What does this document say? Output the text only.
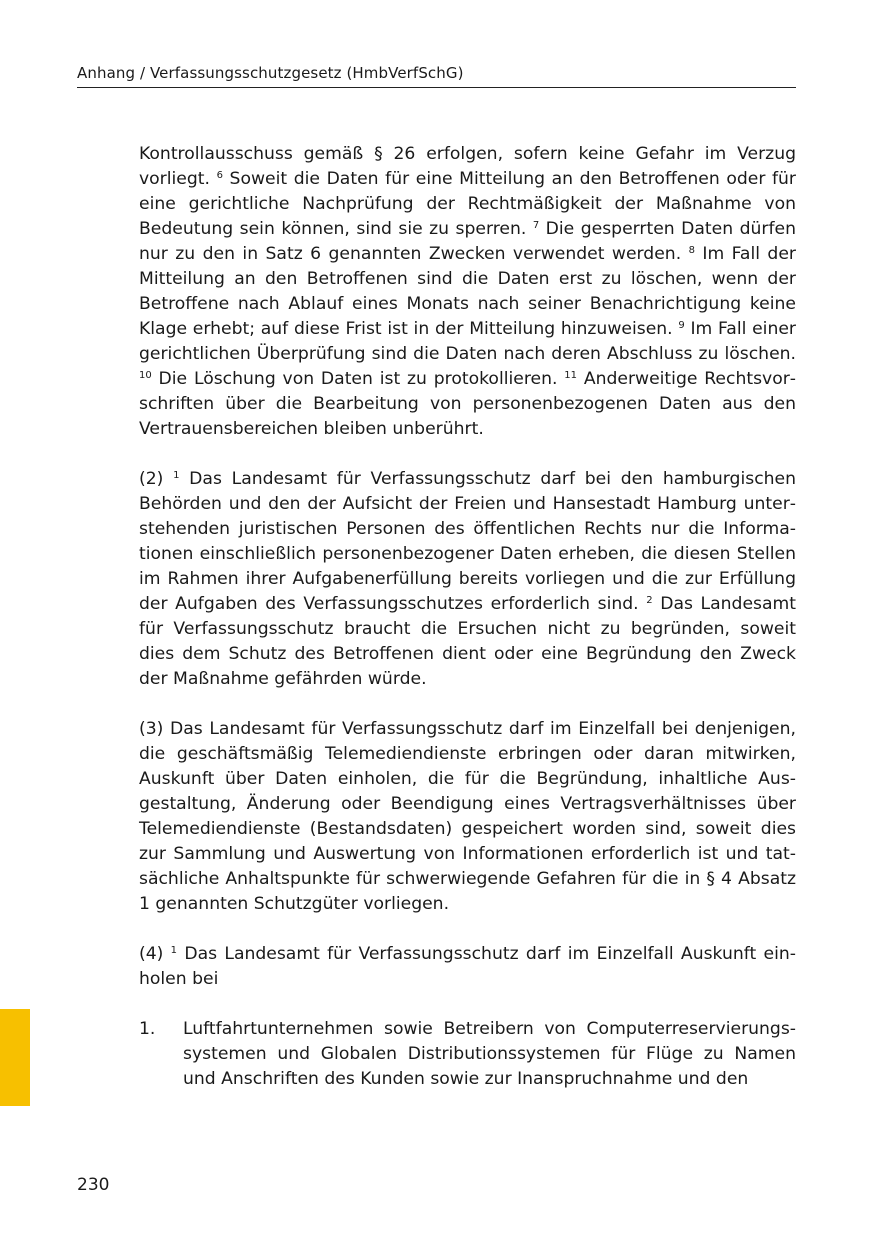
Anhang / Verfassungsschutzgesetz (HmbVerfSchG)

Kontrollausschuss gemäß § 26 erfolgen, sofern keine Gefahr im Verzug vorliegt. $^6$ Soweit die Daten für eine Mitteilung an den Betroffenen oder für eine gerichtliche Nachprüfung der Rechtmäßigkeit der Maßnahme von Bedeutung sein können, sind sie zu sperren. $^7$ Die gesperrten Daten dürfen nur zu den in Satz 6 genannten Zwecken verwendet werden. $^8$ Im Fall der Mitteilung an den Betroffenen sind die Daten erst zu löschen, wenn der Betroffene nach Ablauf eines Monats nach seiner Benachrichtigung keine Klage erhebt; auf diese Frist ist in der Mitteilung hinzuweisen. $^9$ Im Fall einer gerichtlichen Überprüfung sind die Daten nach deren Abschluss zu löschen. $^{10}$ Die Löschung von Daten ist zu protokollieren. $^{11}$ Anderweitige Rechtsvorschriften über die Bearbeitung von personenbezogenen Daten aus den Vertrauensbereichen bleiben unberührt.

(2) $^1$ Das Landesamt für Verfassungsschutz darf bei den hamburgischen Behörden und den der Aufsicht der Freien und Hansestadt Hamburg unterstehenden juristischen Personen des öffentlichen Rechts nur die Informationen einschließlich personenbezogener Daten erheben, die diesen Stellen im Rahmen ihrer Aufgabenerfüllung bereits vorliegen und die zur Erfüllung der Aufgaben des Verfassungsschutzes erforderlich sind. $^2$ Das Landesamt für Verfassungsschutz braucht die Ersuchen nicht zu begründen, soweit dies dem Schutz des Betroffenen dient oder eine Begründung den Zweck der Maßnahme gefährden würde.

(3) Das Landesamt für Verfassungsschutz darf im Einzelfall bei denjenigen, die geschäftsmäßig Telemediendienste erbringen oder daran mitwirken, Auskunft über Daten einholen, die für die Begründung, inhaltliche Ausgestaltung, Änderung oder Beendigung eines Vertragsverhältnisses über Telemediendienste (Bestandsdaten) gespeichert worden sind, soweit dies zur Sammlung und Auswertung von Informationen erforderlich ist und tatsächliche Anhaltspunkte für schwerwiegende Gefahren für die in § 4 Absatz 1 genannten Schutzgüter vorliegen.

(4) $^1$ Das Landesamt für Verfassungsschutz darf im Einzelfall Auskunft einholen bei

1.	Luftfahrtunternehmen sowie Betreibern von Computerreservierungssystemen und Globalen Distributionssystemen für Flüge zu Namen und Anschriften des Kunden sowie zur Inanspruchnahme und den
230
